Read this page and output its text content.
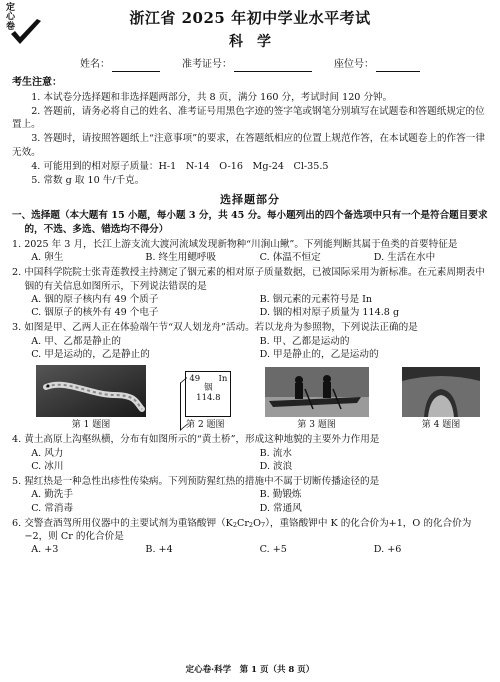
定心卷	浙江省 2025 年初中学业水平考试
科学
姓名：	准考证号：	座位号：
考生注意：

1. 本试卷分选择题和非选择题两部分，共 8 页，满分 160 分，考试时间 120 分钟。

2. 答题前，请务必将自己的姓名、准考证号用黑色字迹的签字笔或钢笔分别填写在试题卷和答题纸规定的位置上。

3. 答题时，请按照答题纸上“注意事项”的要求，在答题纸相应的位置上规范作答，在本试题卷上的作答一律无效。

4. 可能用到的相对原子质量：H-1　N-14　O-16　Mg-24　Cl-35.5

5. 常数 g 取 10 牛/千克。

选择题部分
一、选择题（本大题有 15 小题，每小题 3 分，共 45 分。每小题列出的四个备选项中只有一个是符合题目要求的，不选、多选、错选均不得分）
1. 2025 年 3 月，长江上游支流大渡河流域发现新物种“川涧山鳅”。下列能判断其属于鱼类的首要特征是
A. 卵生	B. 终生用鳃呼吸	C. 体温不恒定	D. 生活在水中
2. 中国科学院院士张青莲教授主持测定了铟元素的相对原子质量数据，已被国际采用为新标准。在元素周期表中铟的有关信息如图所示，下列说法错误的是
A. 铟的原子核内有 49 个质子	B. 铟元素的元素符号是 In
C. 铟原子的核外有 49 个电子	D. 铟的相对原子质量为 114.8 g
3. 如图是甲、乙两人正在体验端午节“双人划龙舟”活动。若以龙舟为参照物，下列说法正确的是
A. 甲、乙都是静止的	B. 甲、乙都是运动的
C. 甲是运动的，乙是静止的	D. 甲是静止的，乙是运动的
第 1 题图
49 In
铟
114.8
第 2 题图	第 3 题图	第 4 题图
4. 黄土高原上沟壑纵横，分布有如图所示的“黄土桥”，形成这种地貌的主要外力作用是
A. 风力	B. 流水
C. 冰川	D. 波浪
5. 猩红热是一种急性出疹性传染病。下列预防猩红热的措施中不属于切断传播途径的是
A. 勤洗手	B. 勤锻炼
C. 常消毒	D. 常通风
6. 交警查酒驾所用仪器中的主要试剂为重铬酸钾$(K_2Cr_2O_7)$，重铬酸钾中 K 的化合价为+1，O 的化合价为−2，则 Cr 的化合价是
A. +3	B. +4	C. +5	D. +6
定心卷·科学　第 1 页（共 8 页）
